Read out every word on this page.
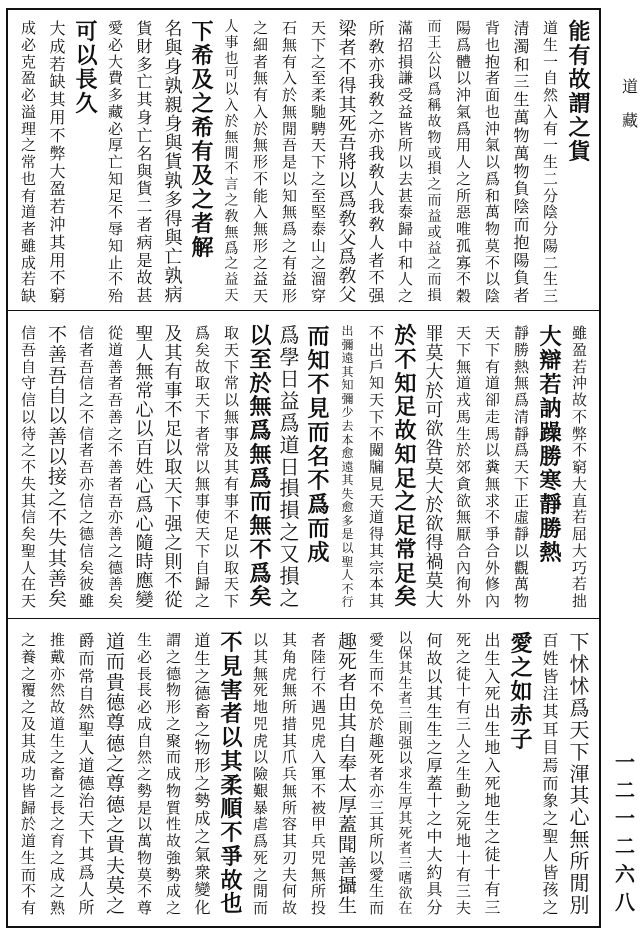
能
有
故
謂
之
貨
道
生
一
自
然
入
有
一
生
二
分
陰
分
陽
二
生
三
清
濁
和
三
生
萬
物
萬
物
負
陰
而
抱
陽
負
者
背
也
抱
者
面
也
沖
氣
以
爲
和
萬
物
莫
不
以
陰
陽
爲
體
以
沖
氣
爲
用
人
之
所
惡
唯
孤
寡
不
穀
而
王
公
以
爲
稱
故
物
或
損
之
而
益
或
益
之
而
損
滿
招
損
謙
受
益
皆
所
以
去
甚
泰
歸
中
和
人
之
所
敎
亦
我
敎
之
亦
我
敎
人
我
敎
人
者
不
强
梁
者
不
得
其
死
吾
將
以
爲
敎
父
爲
敎
父
天
下
之
至
柔
馳
騁
天
下
之
至
堅
泰
山
之
溜
穿
石
無
有
入
於
無
閒
吾
是
以
知
無
爲
之
有
益
形
之
細
者
無
有
入
於
無
形
不
能
入
無
形
之
益
天
人
事
也
可
以
入
於
無
閒
不
言
之
敎
無
爲
之
益
天
下
希
及
之
希
有
及
之
者
解
名
與
身
孰
親
身
與
貨
孰
多
得
與
亡
孰
病
貨
財
多
亡
其
身
亡
名
與
貨
二
者
病
是
故
甚
愛
必
大
費
多
藏
必
厚
亡
知
足
不
辱
知
止
不
殆
可
以
長
久
大
成
若
缺
其
用
不
弊
大
盈
若
沖
其
用
不
窮
成
必
克
盈
必
溢
理
之
常
也
有
道
者
雖
成
若
缺
雖
盈
若
沖
故
不
弊
不
窮
大
直
若
屈
大
巧
若
拙
大
辯
若
訥
躁
勝
寒
靜
勝
熱
靜
勝
熱
無
爲
清
靜
爲
天
下
正
虛
靜
以
觀
萬
物
天
下
有
道
卻
走
馬
以
糞
無
求
不
爭
合
外
修
內
天
下
無
道
戎
馬
生
於
郊
貪
欲
無
厭
合
內
徇
外
罪
莫
大
於
可
欲
咎
莫
大
於
欲
得
禍
莫
大
於
不
知
足
故
知
足
之
足
常
足
矣
不
出
戶
知
天
下
不
闚
牖
見
天
道
得
其
宗
本
其
出
彌
遠
其
知
彌
少
去
本
愈
遠
其
失
愈
多
是
以
聖
人
不
行
而
知
不
見
而
名
不
爲
而
成
爲
學
日
益
爲
道
日
損
損
之
又
損
之
以
至
於
無
爲
無
爲
而
無
不
爲
矣
取
天
下
常
以
無
事
及
其
有
事
不
足
以
取
天
下
爲
矣
故
取
天
下
者
常
以
無
事
使
天
下
自
歸
之
及
其
有
事
不
足
以
取
天
下
强
之
則
不
從
聖
人
無
常
心
以
百
姓
心
爲
心
隨
時
應
變
從
道
善
者
吾
善
之
不
善
者
吾
亦
善
之
德
善
矣
信
者
吾
信
之
不
信
者
吾
亦
信
之
德
信
矣
彼
雖
不
善
吾
自
以
善
以
接
之
不
失
其
善
矣
信
吾
自
守
信
以
待
之
不
失
其
信
矣
聖
人
在
天
下
怵
怵
爲
天
下
渾
其
心
無
所
閒
別
百
姓
皆
注
其
耳
目
焉
而
象
之
聖
人
皆
孩
之
愛
之
如
赤
子
出
生
入
死
出
生
地
入
死
地
生
之
徒
十
有
三
死
之
徒
十
有
三
人
之
生
動
之
死
地
十
有
三
夫
何
故
以
其
生
生
之
厚
蓋
十
之
中
大
約
具
分
以
保
其
生
者
三
則
强
以
求
生
厚
其
死
者
三
嗜
欲
在
愛
生
而
不
免
於
趣
死
者
亦
三
其
所
以
愛
生
而
趣
死
者
由
其
自
奉
太
厚
蓋
聞
善
攝
生
者
陸
行
不
遇
兕
虎
入
軍
不
被
甲
兵
兕
無
所
投
其
角
虎
無
所
措
其
爪
兵
無
所
容
其
刃
夫
何
故
以
其
無
死
地
兕
虎
以
險
艱
暴
虐
爲
死
之
閒
而
不
見
害
者
以
其
柔
順
不
爭
故
也
道
生
之
德
畜
之
物
形
之
勢
成
之
氣
衆
變
化
謂
之
德
物
形
之
聚
而
成
物
質
性
故
強
勢
成
之
生
必
長
長
必
成
自
然
之
勢
是
以
萬
物
莫
不
尊
道
而
貴
德
尊
德
之
尊
德
之
貴
夫
莫
之
爵
而
常
自
然
聖
人
道
德
治
天
下
其
爲
人
所
推
戴
亦
然
故
道
生
之
畜
之
長
之
育
之
成
之
熟
之
養
之
覆
之
及
其
成
功
皆
歸
於
道
生
而
不
有
道
藏
一
二
一
二
六
八
